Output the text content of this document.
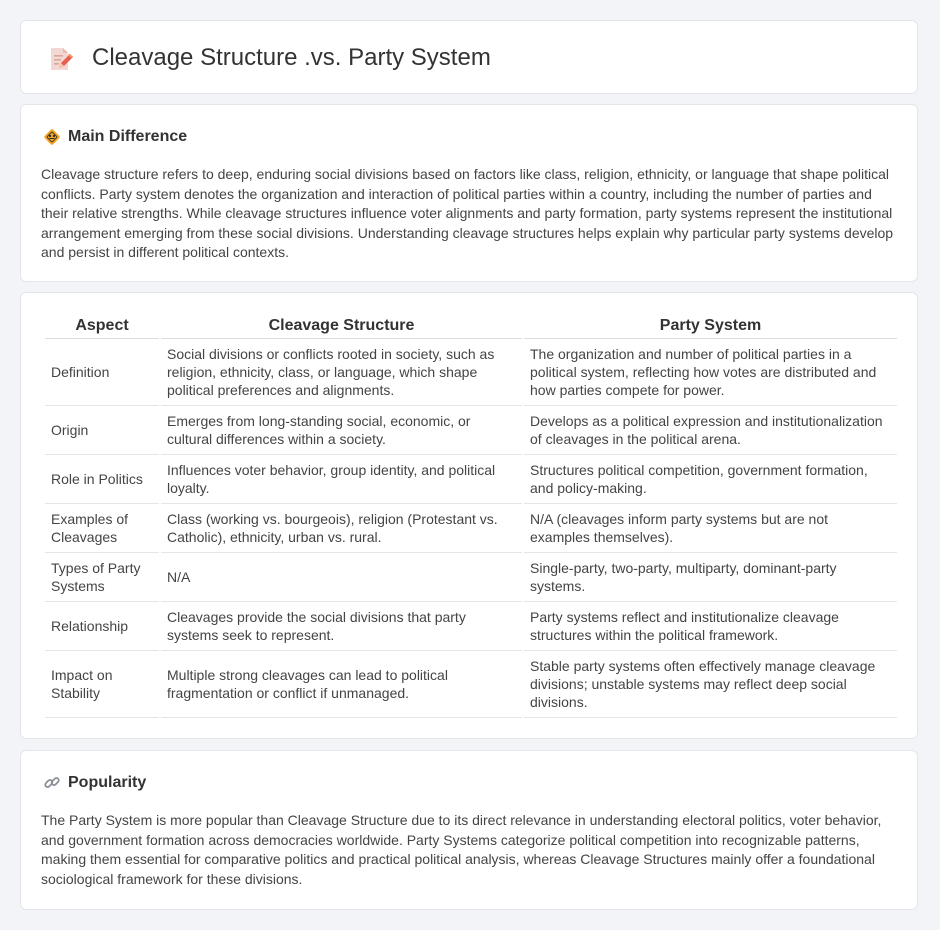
Cleavage Structure .vs. Party System
Main Difference

Cleavage structure refers to deep, enduring social divisions based on factors like class, religion, ethnicity, or language that shape political conflicts. Party system denotes the organization and interaction of political parties within a country, including the number of parties and their relative strengths. While cleavage structures influence voter alignments and party formation, party systems represent the institutional arrangement emerging from these social divisions. Understanding cleavage structures helps explain why particular party systems develop and persist in different political contexts.

Aspect	Cleavage Structure	Party System
Definition	Social divisions or conflicts rooted in society, such as religion, ethnicity, class, or language, which shape political preferences and alignments.	The organization and number of political parties in a political system, reflecting how votes are distributed and how parties compete for power.
Origin	Emerges from long-standing social, economic, or cultural differences within a society.	Develops as a political expression and institutionalization of cleavages in the political arena.
Role in Politics	Influences voter behavior, group identity, and political loyalty.	Structures political competition, government formation, and policy-making.
Examples of Cleavages	Class (working vs. bourgeois), religion (Protestant vs. Catholic), ethnicity, urban vs. rural.	N/A (cleavages inform party systems but are not examples themselves).
Types of Party Systems	N/A	Single-party, two-party, multiparty, dominant-party systems.
Relationship	Cleavages provide the social divisions that party systems seek to represent.	Party systems reflect and institutionalize cleavage structures within the political framework.
Impact on Stability	Multiple strong cleavages can lead to political fragmentation or conflict if unmanaged.	Stable party systems often effectively manage cleavage divisions; unstable systems may reflect deep social divisions.
Popularity

The Party System is more popular than Cleavage Structure due to its direct relevance in understanding electoral politics, voter behavior, and government formation across democracies worldwide. Party Systems categorize political competition into recognizable patterns, making them essential for comparative politics and practical political analysis, whereas Cleavage Structures mainly offer a foundational sociological framework for these divisions.
